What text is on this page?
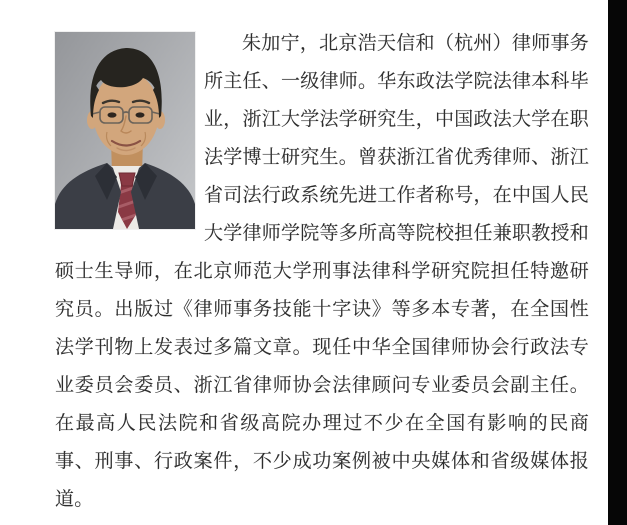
朱加宁，北京浩天信和（杭州）律师事务所主任、一级律师。华东政法学院法律本科毕业，浙江大学法学研究生，中国政法大学在职法学博士研究生。曾获浙江省优秀律师、浙江省司法行政系统先进工作者称号，在中国人民大学律师学院等多所高等院校担任兼职教授和硕士生导师，在北京师范大学刑事法律科学研究院担任特邀研究员。出版过《律师事务技能十字诀》等多本专著，在全国性法学刊物上发表过多篇文章。现任中华全国律师协会行政法专业委员会委员、浙江省律师协会法律顾问专业委员会副主任。在最高人民法院和省级高院办理过不少在全国有影响的民商事、刑事、行政案件，不少成功案例被中央媒体和省级媒体报道。
